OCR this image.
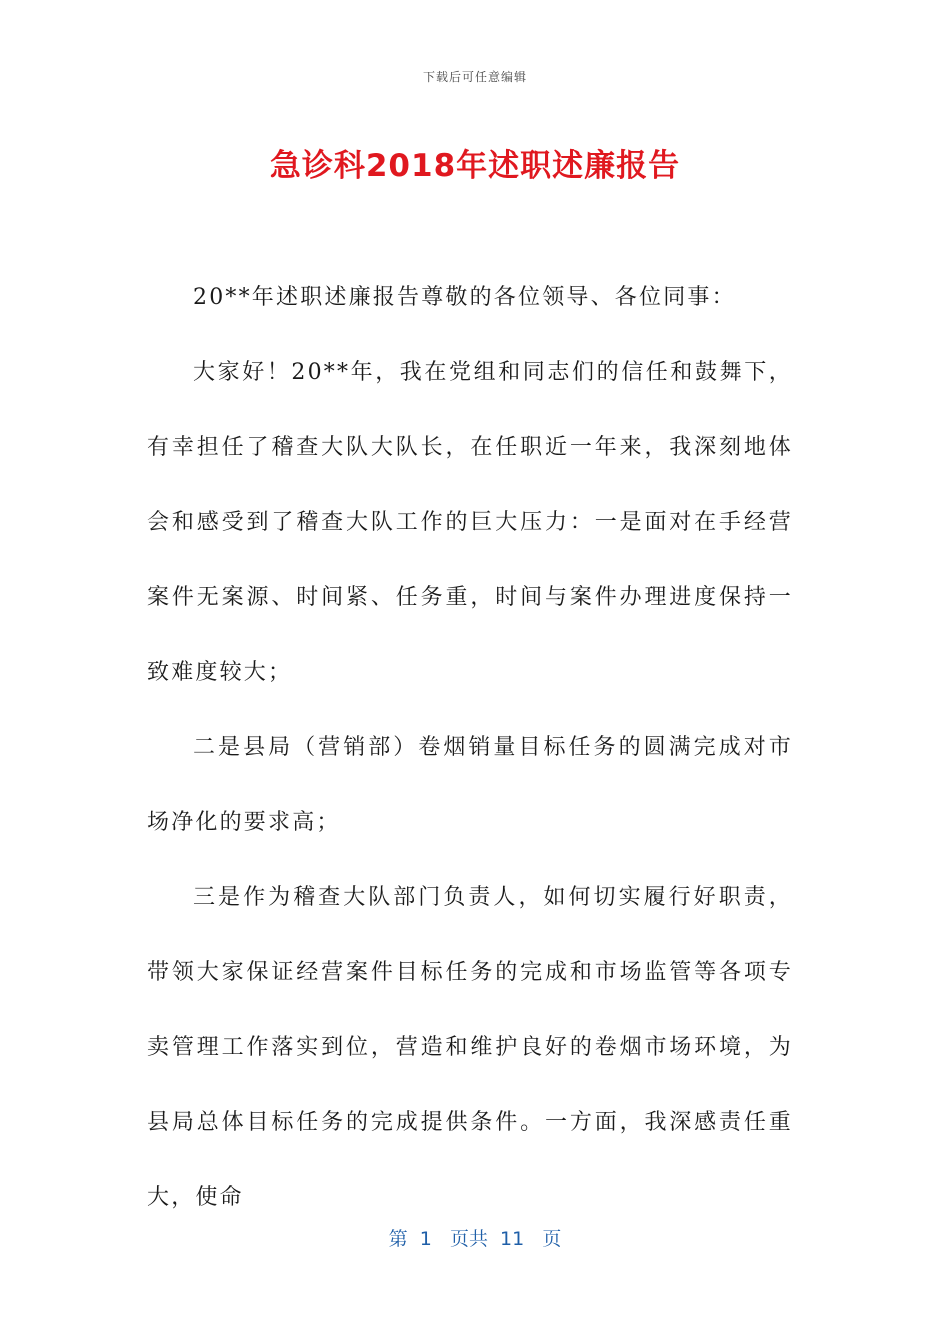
下载后可任意编辑
急诊科2018年述职述廉报告

20**年述职述廉报告尊敬的各位领导、各位同事：

大家好！20**年，我在党组和同志们的信任和鼓舞下，有幸担任了稽查大队大队长，在任职近一年来，我深刻地体会和感受到了稽查大队工作的巨大压力：一是面对在手经营案件无案源、时间紧、任务重，时间与案件办理进度保持一致难度较大；

二是县局（营销部）卷烟销量目标任务的圆满完成对市场净化的要求高；

三是作为稽查大队部门负责人，如何切实履行好职责，带领大家保证经营案件目标任务的完成和市场监管等各项专卖管理工作落实到位，营造和维护良好的卷烟市场环境，为县局总体目标任务的完成提供条件。一方面，我深感责任重大，使命

第  1   页共  11   页
